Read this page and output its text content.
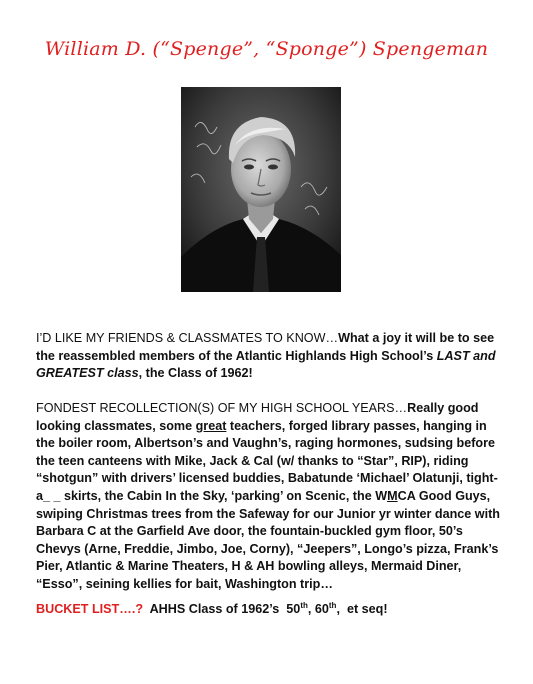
William D. (“Spenge”, “Sponge”) Spengeman
I’D LIKE MY FRIENDS & CLASSMATES TO KNOW…What a joy it will be to see the reassembled members of the Atlantic Highlands High School’s LAST and GREATEST class, the Class of 1962!
FONDEST RECOLLECTION(S) OF MY HIGH SCHOOL YEARS…Really good looking classmates, some great teachers, forged library passes, hanging in the boiler room, Albertson’s and Vaughn’s, raging hormones, sudsing before the teen canteens with Mike, Jack & Cal (w/ thanks to “Star”, RIP), riding “shotgun” with drivers’ licensed buddies, Babatunde ‘Michael’ Olatunji, tight-a_ _ skirts, the Cabin In the Sky, ‘parking’ on Scenic, the WMCA Good Guys, swiping Christmas trees from the Safeway for our Junior yr winter dance with Barbara C at the Garfield Ave door, the fountain-buckled gym floor, 50’s Chevys (Arne, Freddie, Jimbo, Joe, Corny), “Jeepers”, Longo’s pizza, Frank’s Pier, Atlantic & Marine Theaters, H & AH bowling alleys, Mermaid Diner, “Esso”, seining kellies for bait, Washington trip…
BUCKET LIST….?  AHHS Class of 1962’s  50th, 60th,  et seq!
